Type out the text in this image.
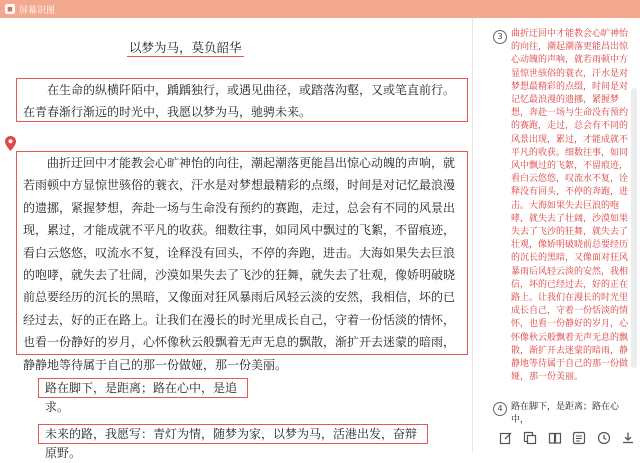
◼ 屏幕识图
以梦为马，莫负韶华

在生命的纵横阡陌中，踽踽独行，或遇见曲径，或踏落沟壑，又或笔直前行。在青春渐行渐远的时光中，我愿以梦为马，驰骋未来。

曲折迂回中才能教会心旷神怡的向往，潮起潮落更能昌出惊心动魄的声响，就若雨顿中方显惊世骇俗的蓑衣，汗水是对梦想最精彩的点缀，时间是对记忆最浪漫的遗挪，紧握梦想，奔赴一场与生命没有预约的赛跑，走过，总会有不同的风景出现，累过，才能成就不平凡的收获。细数往事，如同风中飘过的飞絮，不留痕迹，看白云悠悠，叹流水不复，诠释没有回头，不停的奔跑，进击。大海如果失去巨浪的咆哮，就失去了壮阔，沙漠如果失去了飞沙的狂舞，就失去了壮观，像娇明破晓前总要经历的沉长的黑暗，又像面对狂风暴雨后风轻云淡的安然，我相信，坏的已经过去，好的正在路上。让我们在漫长的时光里成长自己，守着一份恬淡的情怀，也看一份静好的岁月，心怀像秋云般飘着无声无息的飘散，渐扩开去迷蒙的暗雨，静静地等待属于自己的那一份做娅，那一份美丽。

路在脚下，是距离；路在心中，是追求。

未来的路，我愿写：青灯为情，随梦为家，以梦为马，活港出发，奋辩原野。

3 曲折迂回中才能教会心旷神怡的向往，潮起潮落更能昌出惊心动魄的声响，就若雨顿中方显惊世骇俗的蓑衣，汗水是对梦想最精彩的点缀，时间是对记忆最浪漫的遗挪，紧握梦想，奔赴一场与生命没有预约的赛跑，走过，总会有不同的风景出现，累过，才能成就不平凡的收获。细数往事，如同风中飘过的飞絮，不留痕迹，看白云悠悠，叹流水不复，诠释没有回头，不停的奔跑，进击。大海如果失去巨浪的咆哮，就失去了壮阔，沙漠如果失去了飞沙的狂舞，就失去了壮观，像娇明破晓前总要经历的沉长的黑暗，又像面对狂风暴雨后风轻云淡的安然，我相信，坏的已经过去，好的正在路上。让我们在漫长的时光里成长自己，守着一份恬淡的情怀，也看一份静好的岁月，心怀像秋云般飘着无声无息的飘散，渐扩开去迷蒙的暗雨，静静地等待属于自己的那一份做娅，那一份美丽。
4 路在脚下，是距离；路在心中，
